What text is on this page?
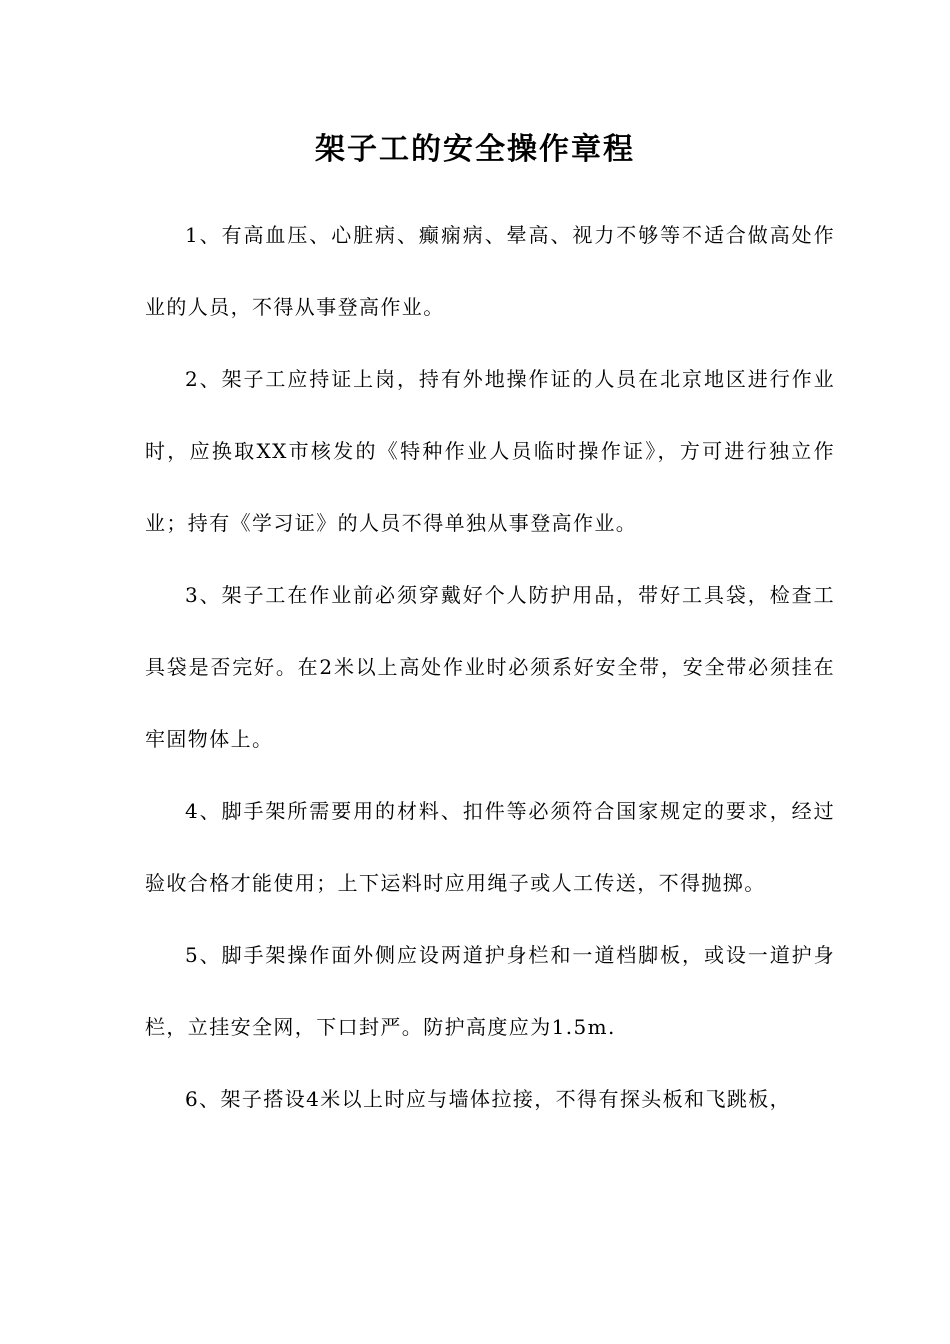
架子工的安全操作章程

1、有高血压、心脏病、癫痫病、晕高、视力不够等不适合做高处作业的人员，不得从事登高作业。

2、架子工应持证上岗，持有外地操作证的人员在北京地区进行作业时，应换取XX市核发的《特种作业人员临时操作证》，方可进行独立作业；持有《学习证》的人员不得单独从事登高作业。

3、架子工在作业前必须穿戴好个人防护用品，带好工具袋，检查工具袋是否完好。在2米以上高处作业时必须系好安全带，安全带必须挂在牢固物体上。

4、脚手架所需要用的材料、扣件等必须符合国家规定的要求，经过验收合格才能使用；上下运料时应用绳子或人工传送，不得抛掷。

5、脚手架操作面外侧应设两道护身栏和一道档脚板，或设一道护身栏，立挂安全网，下口封严。防护高度应为1.5m.

6、架子搭设4米以上时应与墙体拉接，不得有探头板和飞跳板，
